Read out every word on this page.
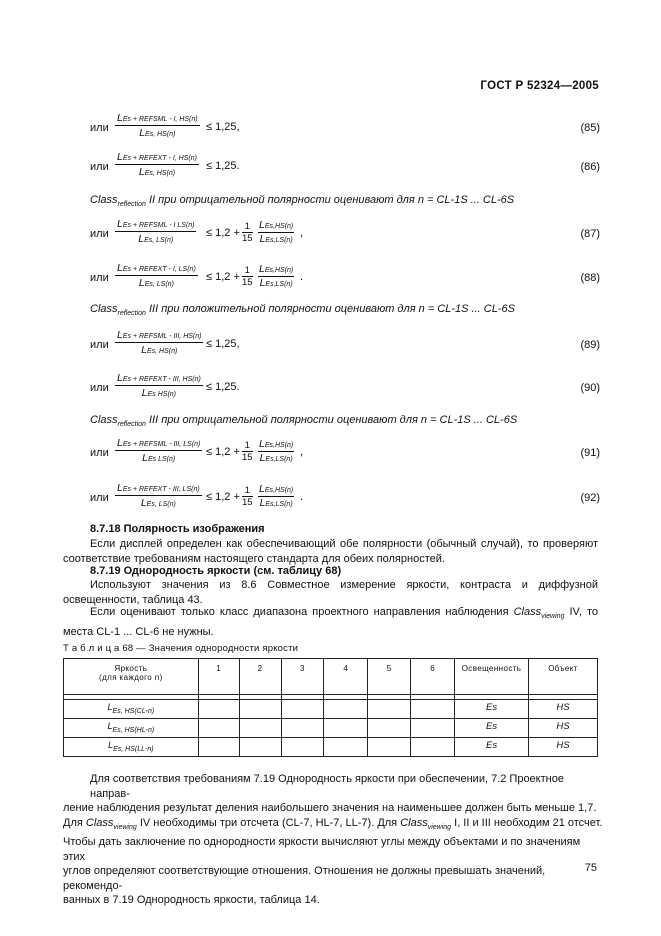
ГОСТ Р 52324—2005
или
LEs + REFSML - I, HS(n)
LEs, HS(n)
≤ 1,25,	(85)
или
LEs + REFEXT - I, HS(n)
LEs, HS(n)
≤ 1,25.	(86)
Class$_{reflection}$ II при отрицательной полярности оценивают для n = CL-1S ... CL-6S
или
LEs + REFSML - I LS(n)
LEs, LS(n)
≤ $1,2 + \frac{1}{15} LEs,HS(n)$
LEs,LS(n)
,	(87)
или
LEs + REFEXT - I, LS(n)
LEs, LS(n)
≤ $1,2 + \frac{1}{15} LEs,HS(n)$
LEs,LS(n)
.	(88)
Class$_{reflection}$ III при положительной полярности оценивают для n = CL-1S ... CL-6S
или
LEs + REFSML - III, HS(n)
LEs, HS(n)
≤ 1,25,	(89)
или
LEs + REFEXT - III, HS(n)
LEs HS(n)
≤ 1,25.	(90)
Class$_{reflection}$ III при отрицательной полярности оценивают для n = CL-1S ... CL-6S
или
LEs + REFSML - III, LS(n)
LEs LS(n)
≤ $1,2 + \frac{1}{15} LEs,HS(n)$
LEs,LS(n)
,	(91)
или
LEs + REFEXT - III, LS(n)
LEs, LS(n)
≤ $1,2 + \frac{1}{15} LEs,HS(n)$
LEs,LS(n)
.	(92)
8.7.18 Полярность изображения
Если дисплей определен как обеспечивающий обе полярности (обычный случай), то проверяют соответствие требованиям настоящего стандарта для обеих полярностей.
8.7.19 Однородность яркости (см. таблицу 68)
Используют значения из 8.6 Совместное измерение яркости, контраста и диффузной освещенности, таблица 43.
Если оценивают только класс диапазона проектного направления наблюдения Class$_{viewing}$ IV, то места CL-1 ... CL-6 не нужны.
Т а б л и ц а 68 — Значения однородности яркости
Яркость
(для каждого n)	1	2	3	4	5	6	Освещенность	Объект

$L_{Es, HS(CL-n)}$							Es	HS
$L_{Es, HS(HL-n)}$							Es	HS
$L_{Es, HS(LL-n)}$							Es	HS
Для соответствия требованиям 7.19 Однородность яркости при обеспечении, 7.2 Проектное направ-
ление наблюдения результат деления наибольшего значения на наименьшее должен быть меньше 1,7.
Для Class$_{viewing}$ IV необходимы три отсчета (CL-7, HL-7, LL-7). Для Class$_{viewing}$ I, II и III необходим 21 отсчет.
Чтобы дать заключение по однородности яркости вычисляют углы между объектами и по значениям этих
углов определяют соответствующие отношения. Отношения не должны превышать значений, рекомендо-
ванных в 7.19 Однородность яркости, таблица 14.
75
